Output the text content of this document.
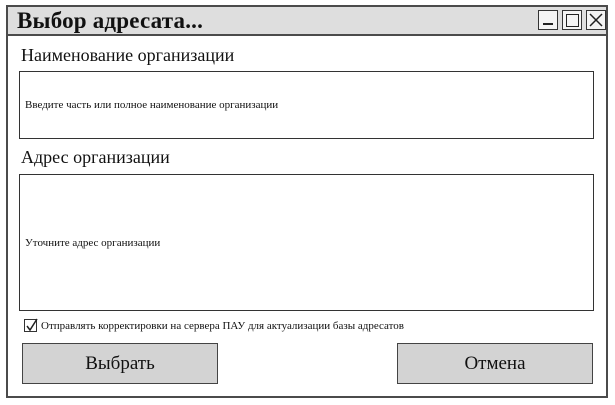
Выбор адресата...
Наименование организации
Введите часть или полное наименование организации
Адрес организации
Уточните адрес организации
Отправлять корректировки на сервера ПАУ для актуализации базы адресатов
Выбрать	Отмена
